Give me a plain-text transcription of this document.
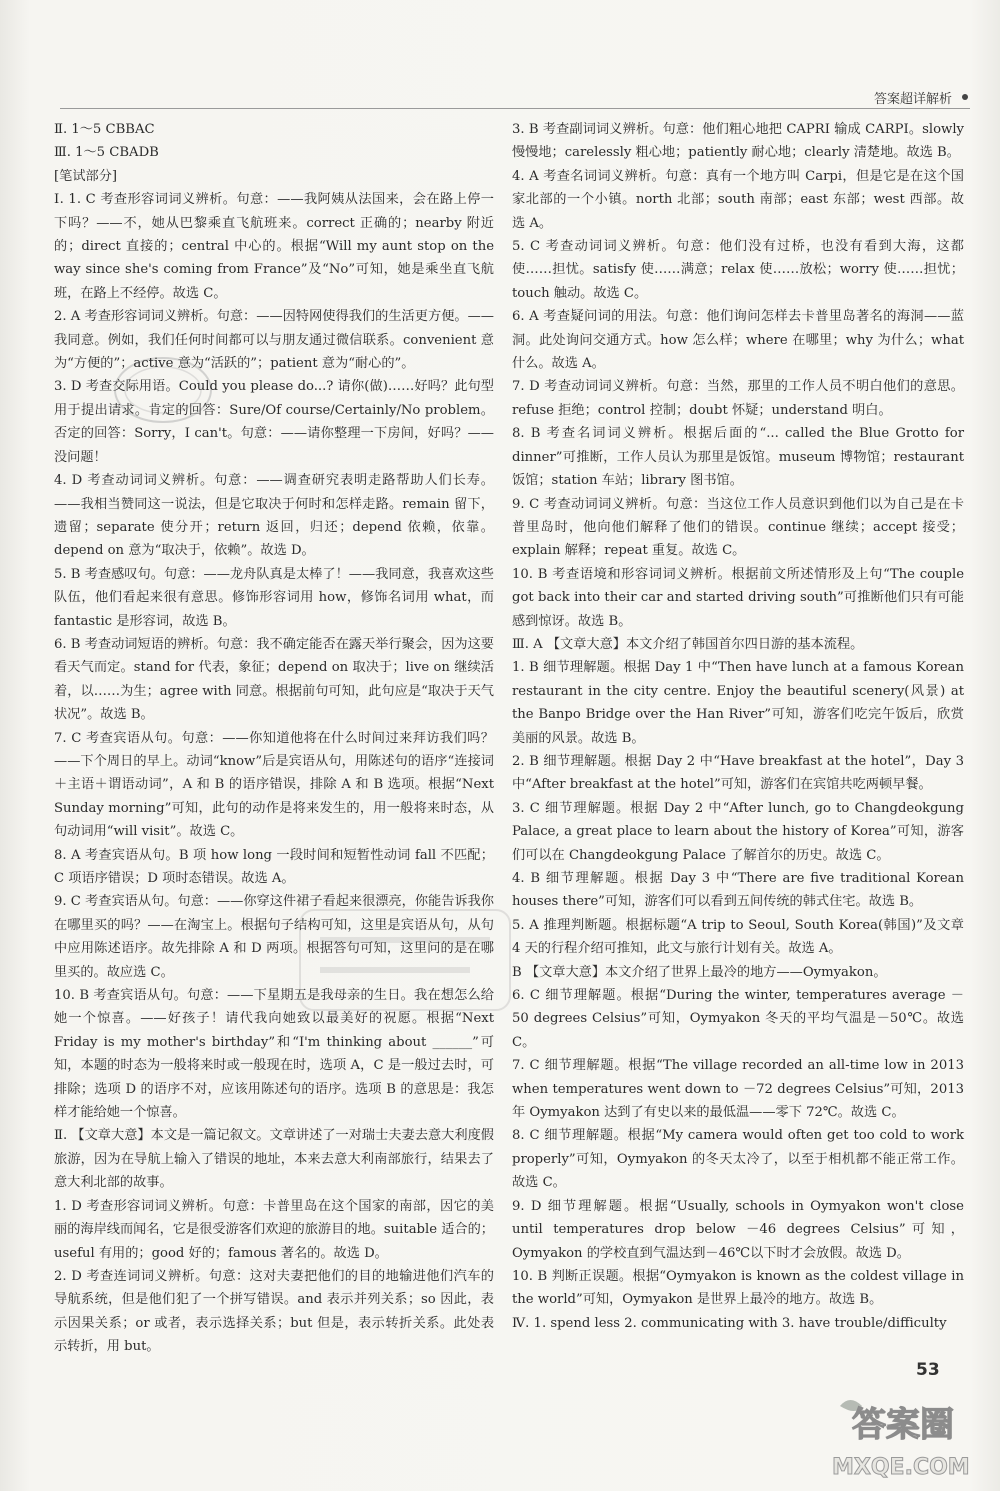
答案超详解析

Ⅱ. 1～5 CBBAC

Ⅲ. 1～5 CBADB

[笔试部分]

Ⅰ. 1. C 考查形容词词义辨析。句意：——我阿姨从法国来，会在路上停一下吗？——不，她从巴黎乘直飞航班来。correct 正确的；nearby 附近的；direct 直接的；central 中心的。根据“Will my aunt stop on the way since she's coming from France”及“No”可知，她是乘坐直飞航班，在路上不经停。故选 C。

2. A 考查形容词词义辨析。句意：——因特网使得我们的生活更方便。——我同意。例如，我们任何时间都可以与朋友通过微信联系。convenient 意为“方便的”；active 意为“活跃的”；patient 意为“耐心的”。

3. D 考查交际用语。Could you please do...? 请你(做)……好吗？此句型用于提出请求。肯定的回答：Sure/Of course/Certainly/No problem。否定的回答：Sorry，I can't。句意：——请你整理一下房间，好吗？——没问题！

4. D 考查动词词义辨析。句意：——调查研究表明走路帮助人们长寿。——我相当赞同这一说法，但是它取决于何时和怎样走路。remain 留下，遗留；separate 使分开；return 返回，归还；depend 依赖，依靠。depend on 意为“取决于，依赖”。故选 D。

5. B 考查感叹句。句意：——龙舟队真是太棒了！——我同意，我喜欢这些队伍，他们看起来很有意思。修饰形容词用 how，修饰名词用 what，而 fantastic 是形容词，故选 B。

6. B 考查动词短语的辨析。句意：我不确定能否在露天举行聚会，因为这要看天气而定。stand for 代表，象征；depend on 取决于；live on 继续活着，以……为生；agree with 同意。根据前句可知，此句应是“取决于天气状况”。故选 B。

7. C 考查宾语从句。句意：——你知道他将在什么时间过来拜访我们吗？——下个周日的早上。动词“know”后是宾语从句，用陈述句的语序“连接词＋主语＋谓语动词”，A 和 B 的语序错误，排除 A 和 B 选项。根据“Next Sunday morning”可知，此句的动作是将来发生的，用一般将来时态，从句动词用“will visit”。故选 C。

8. A 考查宾语从句。B 项 how long 一段时间和短暂性动词 fall 不匹配；C 项语序错误；D 项时态错误。故选 A。

9. C 考查宾语从句。句意：——你穿这件裙子看起来很漂亮，你能告诉我你在哪里买的吗？——在淘宝上。根据句子结构可知，这里是宾语从句，从句中应用陈述语序。故先排除 A 和 D 两项。根据答句可知，这里问的是在哪里买的。故应选 C。

10. B 考查宾语从句。句意：——下星期五是我母亲的生日。我在想怎么给她一个惊喜。——好孩子！请代我向她致以最美好的祝愿。根据“Next Friday is my mother's birthday”和“I'm thinking about ______”可知，本题的时态为一般将来时或一般现在时，选项 A，C 是一般过去时，可排除；选项 D 的语序不对，应该用陈述句的语序。选项 B 的意思是：我怎样才能给她一个惊喜。

Ⅱ. 【文章大意】本文是一篇记叙文。文章讲述了一对瑞士夫妻去意大利度假旅游，因为在导航上输入了错误的地址，本来去意大利南部旅行，结果去了意大利北部的故事。

1. D 考查形容词词义辨析。句意：卡普里岛在这个国家的南部，因它的美丽的海岸线而闻名，它是很受游客们欢迎的旅游目的地。suitable 适合的；useful 有用的；good 好的；famous 著名的。故选 D。

2. D 考查连词词义辨析。句意：这对夫妻把他们的目的地输进他们汽车的导航系统，但是他们犯了一个拼写错误。and 表示并列关系；so 因此，表示因果关系；or 或者，表示选择关系；but 但是，表示转折关系。此处表示转折，用 but。

3. B 考查副词词义辨析。句意：他们粗心地把 CAPRI 输成 CARPI。slowly 慢慢地；carelessly 粗心地；patiently 耐心地；clearly 清楚地。故选 B。

4. A 考查名词词义辨析。句意：真有一个地方叫 Carpi，但是它是在这个国家北部的一个小镇。north 北部；south 南部；east 东部；west 西部。故选 A。

5. C 考查动词词义辨析。句意：他们没有过桥，也没有看到大海，这都使……担忧。satisfy 使……满意；relax 使……放松；worry 使……担忧；touch 触动。故选 C。

6. A 考查疑问词的用法。句意：他们询问怎样去卡普里岛著名的海洞——蓝洞。此处询问交通方式。how 怎么样；where 在哪里；why 为什么；what 什么。故选 A。

7. D 考查动词词义辨析。句意：当然，那里的工作人员不明白他们的意思。refuse 拒绝；control 控制；doubt 怀疑；understand 明白。

8. B 考查名词词义辨析。根据后面的“... called the Blue Grotto for dinner”可推断，工作人员认为那里是饭馆。museum 博物馆；restaurant 饭馆；station 车站；library 图书馆。

9. C 考查动词词义辨析。句意：当这位工作人员意识到他们以为自己是在卡普里岛时，他向他们解释了他们的错误。continue 继续；accept 接受；explain 解释；repeat 重复。故选 C。

10. B 考查语境和形容词词义辨析。根据前文所述情形及上句“The couple got back into their car and started driving south”可推断他们只有可能感到惊讶。故选 B。

Ⅲ. A 【文章大意】本文介绍了韩国首尔四日游的基本流程。

1. B 细节理解题。根据 Day 1 中“Then have lunch at a famous Korean restaurant in the city centre. Enjoy the beautiful scenery(风景) at the Banpo Bridge over the Han River”可知，游客们吃完午饭后，欣赏美丽的风景。故选 B。

2. B 细节理解题。根据 Day 2 中“Have breakfast at the hotel”，Day 3 中“After breakfast at the hotel”可知，游客们在宾馆共吃两顿早餐。

3. C 细节理解题。根据 Day 2 中“After lunch, go to Changdeokgung Palace, a great place to learn about the history of Korea”可知，游客们可以在 Changdeokgung Palace 了解首尔的历史。故选 C。

4. B 细节理解题。根据 Day 3 中“There are five traditional Korean houses there”可知，游客们可以看到五间传统的韩式住宅。故选 B。

5. A 推理判断题。根据标题“A trip to Seoul, South Korea(韩国)”及文章 4 天的行程介绍可推知，此文与旅行计划有关。故选 A。

B 【文章大意】本文介绍了世界上最冷的地方——Oymyakon。

6. C 细节理解题。根据“During the winter, temperatures average －50 degrees Celsius”可知，Oymyakon 冬天的平均气温是－50℃。故选 C。

7. C 细节理解题。根据“The village recorded an all-time low in 2013 when temperatures went down to －72 degrees Celsius”可知，2013 年 Oymyakon 达到了有史以来的最低温——零下 72℃。故选 C。

8. C 细节理解题。根据“My camera would often get too cold to work properly”可知，Oymyakon 的冬天太冷了，以至于相机都不能正常工作。故选 C。

9. D 细节理解题。根据“Usually, schools in Oymyakon won't close until temperatures drop below －46 degrees Celsius”可知，Oymyakon 的学校直到气温达到－46℃以下时才会放假。故选 D。

10. B 判断正误题。根据“Oymyakon is known as the coldest village in the world”可知，Oymyakon 是世界上最冷的地方。故选 B。

Ⅳ. 1. spend less 2. communicating with 3. have trouble/difficulty

53
答案圈
MXQE.COM
